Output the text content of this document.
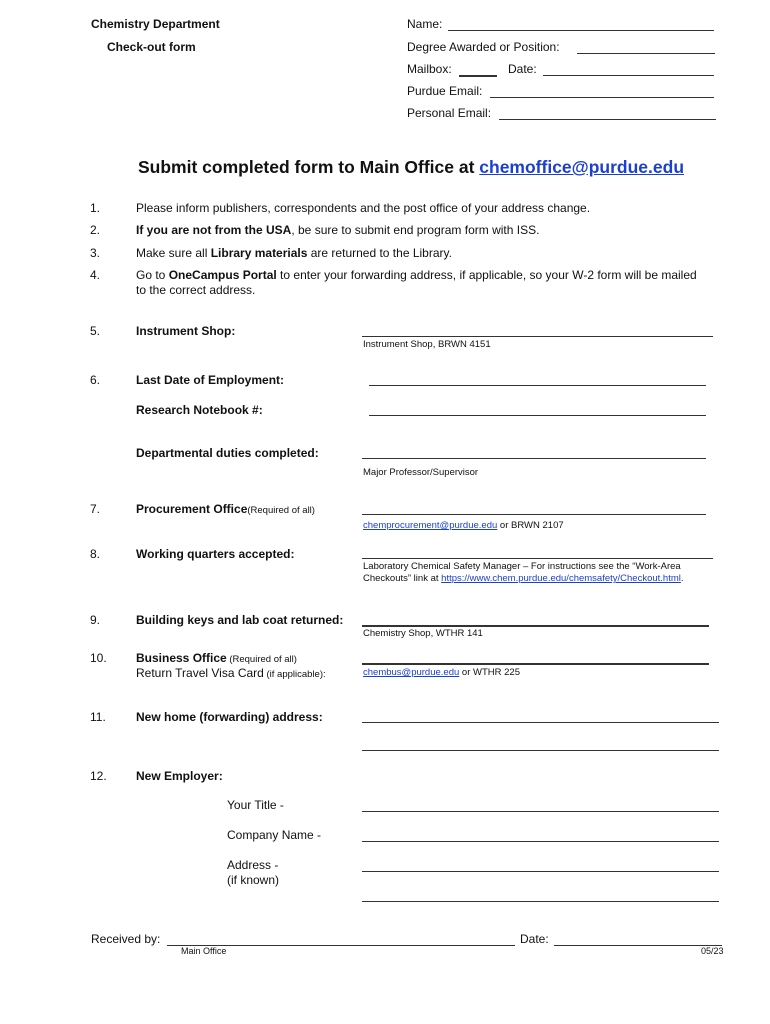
Chemistry Department
Check-out form
Name:
Degree Awarded or Position:
Mailbox:	Date:
Purdue Email:
Personal Email:
Submit completed form to Main Office at chemoffice@purdue.edu
1.	Please inform publishers, correspondents and the post office of your address change.
2.	If you are not from the USA, be sure to submit end program form with ISS.
3.	Make sure all Library materials are returned to the Library.
4.	Go to OneCampus Portal to enter your forwarding address, if applicable, so your W-2 form will be mailed
to the correct address.
5.	Instrument Shop:
Instrument Shop, BRWN 4151
6.	Last Date of Employment:
Research Notebook #:
Departmental duties completed:
Major Professor/Supervisor
7.	Procurement Office(Required of all)
chemprocurement@purdue.edu or BRWN 2107
8.	Working quarters accepted:
Laboratory Chemical Safety Manager – For instructions see the “Work-Area
Checkouts” link at https://www.chem.purdue.edu/chemsafety/Checkout.html.
9.	Building keys and lab coat returned:
Chemistry Shop, WTHR 141
10. Business Office (Required of all)
Return Travel Visa Card (if applicable):	chembus@purdue.edu or WTHR 225
11.	New home (forwarding) address:
12. New Employer:
Your Title -
Company Name -
Address -
(if known)
Received by:	Date:
Main Office	05/23
